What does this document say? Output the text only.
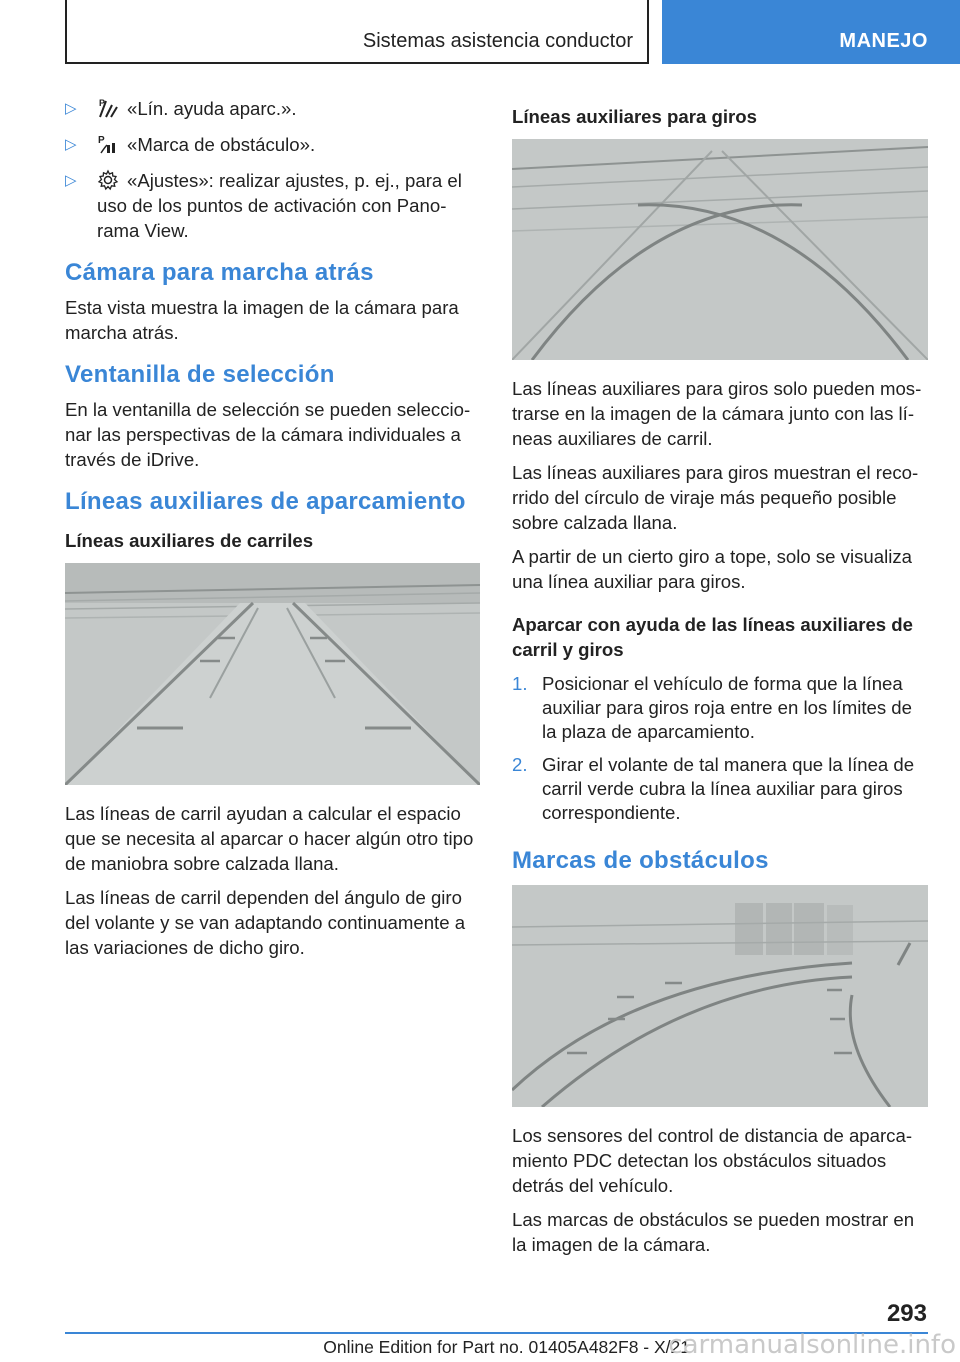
Sistemas asistencia conductor	MANEJO
▷ P «Lín. ayuda aparc.».
▷ P «Marca de obstáculo».
▷	«Ajustes»: realizar ajustes, p. ej., para el uso de los puntos de activación con Panorama View.
Cámara para marcha atrás

Esta vista muestra la imagen de la cámara para marcha atrás.

Ventanilla de selección

En la ventanilla de selección se pueden seleccionar las perspectivas de la cámara individuales a través de iDrive.

Líneas auxiliares de aparcamiento
Líneas auxiliares de carriles

Las líneas de carril ayudan a calcular el espacio que se necesita al aparcar o hacer algún otro tipo de maniobra sobre calzada llana.

Las líneas de carril dependen del ángulo de giro del volante y se van adaptando continuamente a las variaciones de dicho giro.

Líneas auxiliares para giros

Las líneas auxiliares para giros solo pueden mostrarse en la imagen de la cámara junto con las líneas auxiliares de carril.

Las líneas auxiliares para giros muestran el recorrido del círculo de viraje más pequeño posible sobre calzada llana.

A partir de un cierto giro a tope, solo se visualiza una línea auxiliar para giros.

Aparcar con ayuda de las líneas auxiliares de carril y giros
1. Posicionar el vehículo de forma que la línea auxiliar para giros roja entre en los límites de la plaza de aparcamiento.
2. Girar el volante de tal manera que la línea de carril verde cubra la línea auxiliar para giros correspondiente.
Marcas de obstáculos

Los sensores del control de distancia de aparcamiento PDC detectan los obstáculos situados detrás del vehículo.

Las marcas de obstáculos se pueden mostrar en la imagen de la cámara.

293
Online Edition for Part no. 01405A482F8 - X/21
carmanualsonline.info
